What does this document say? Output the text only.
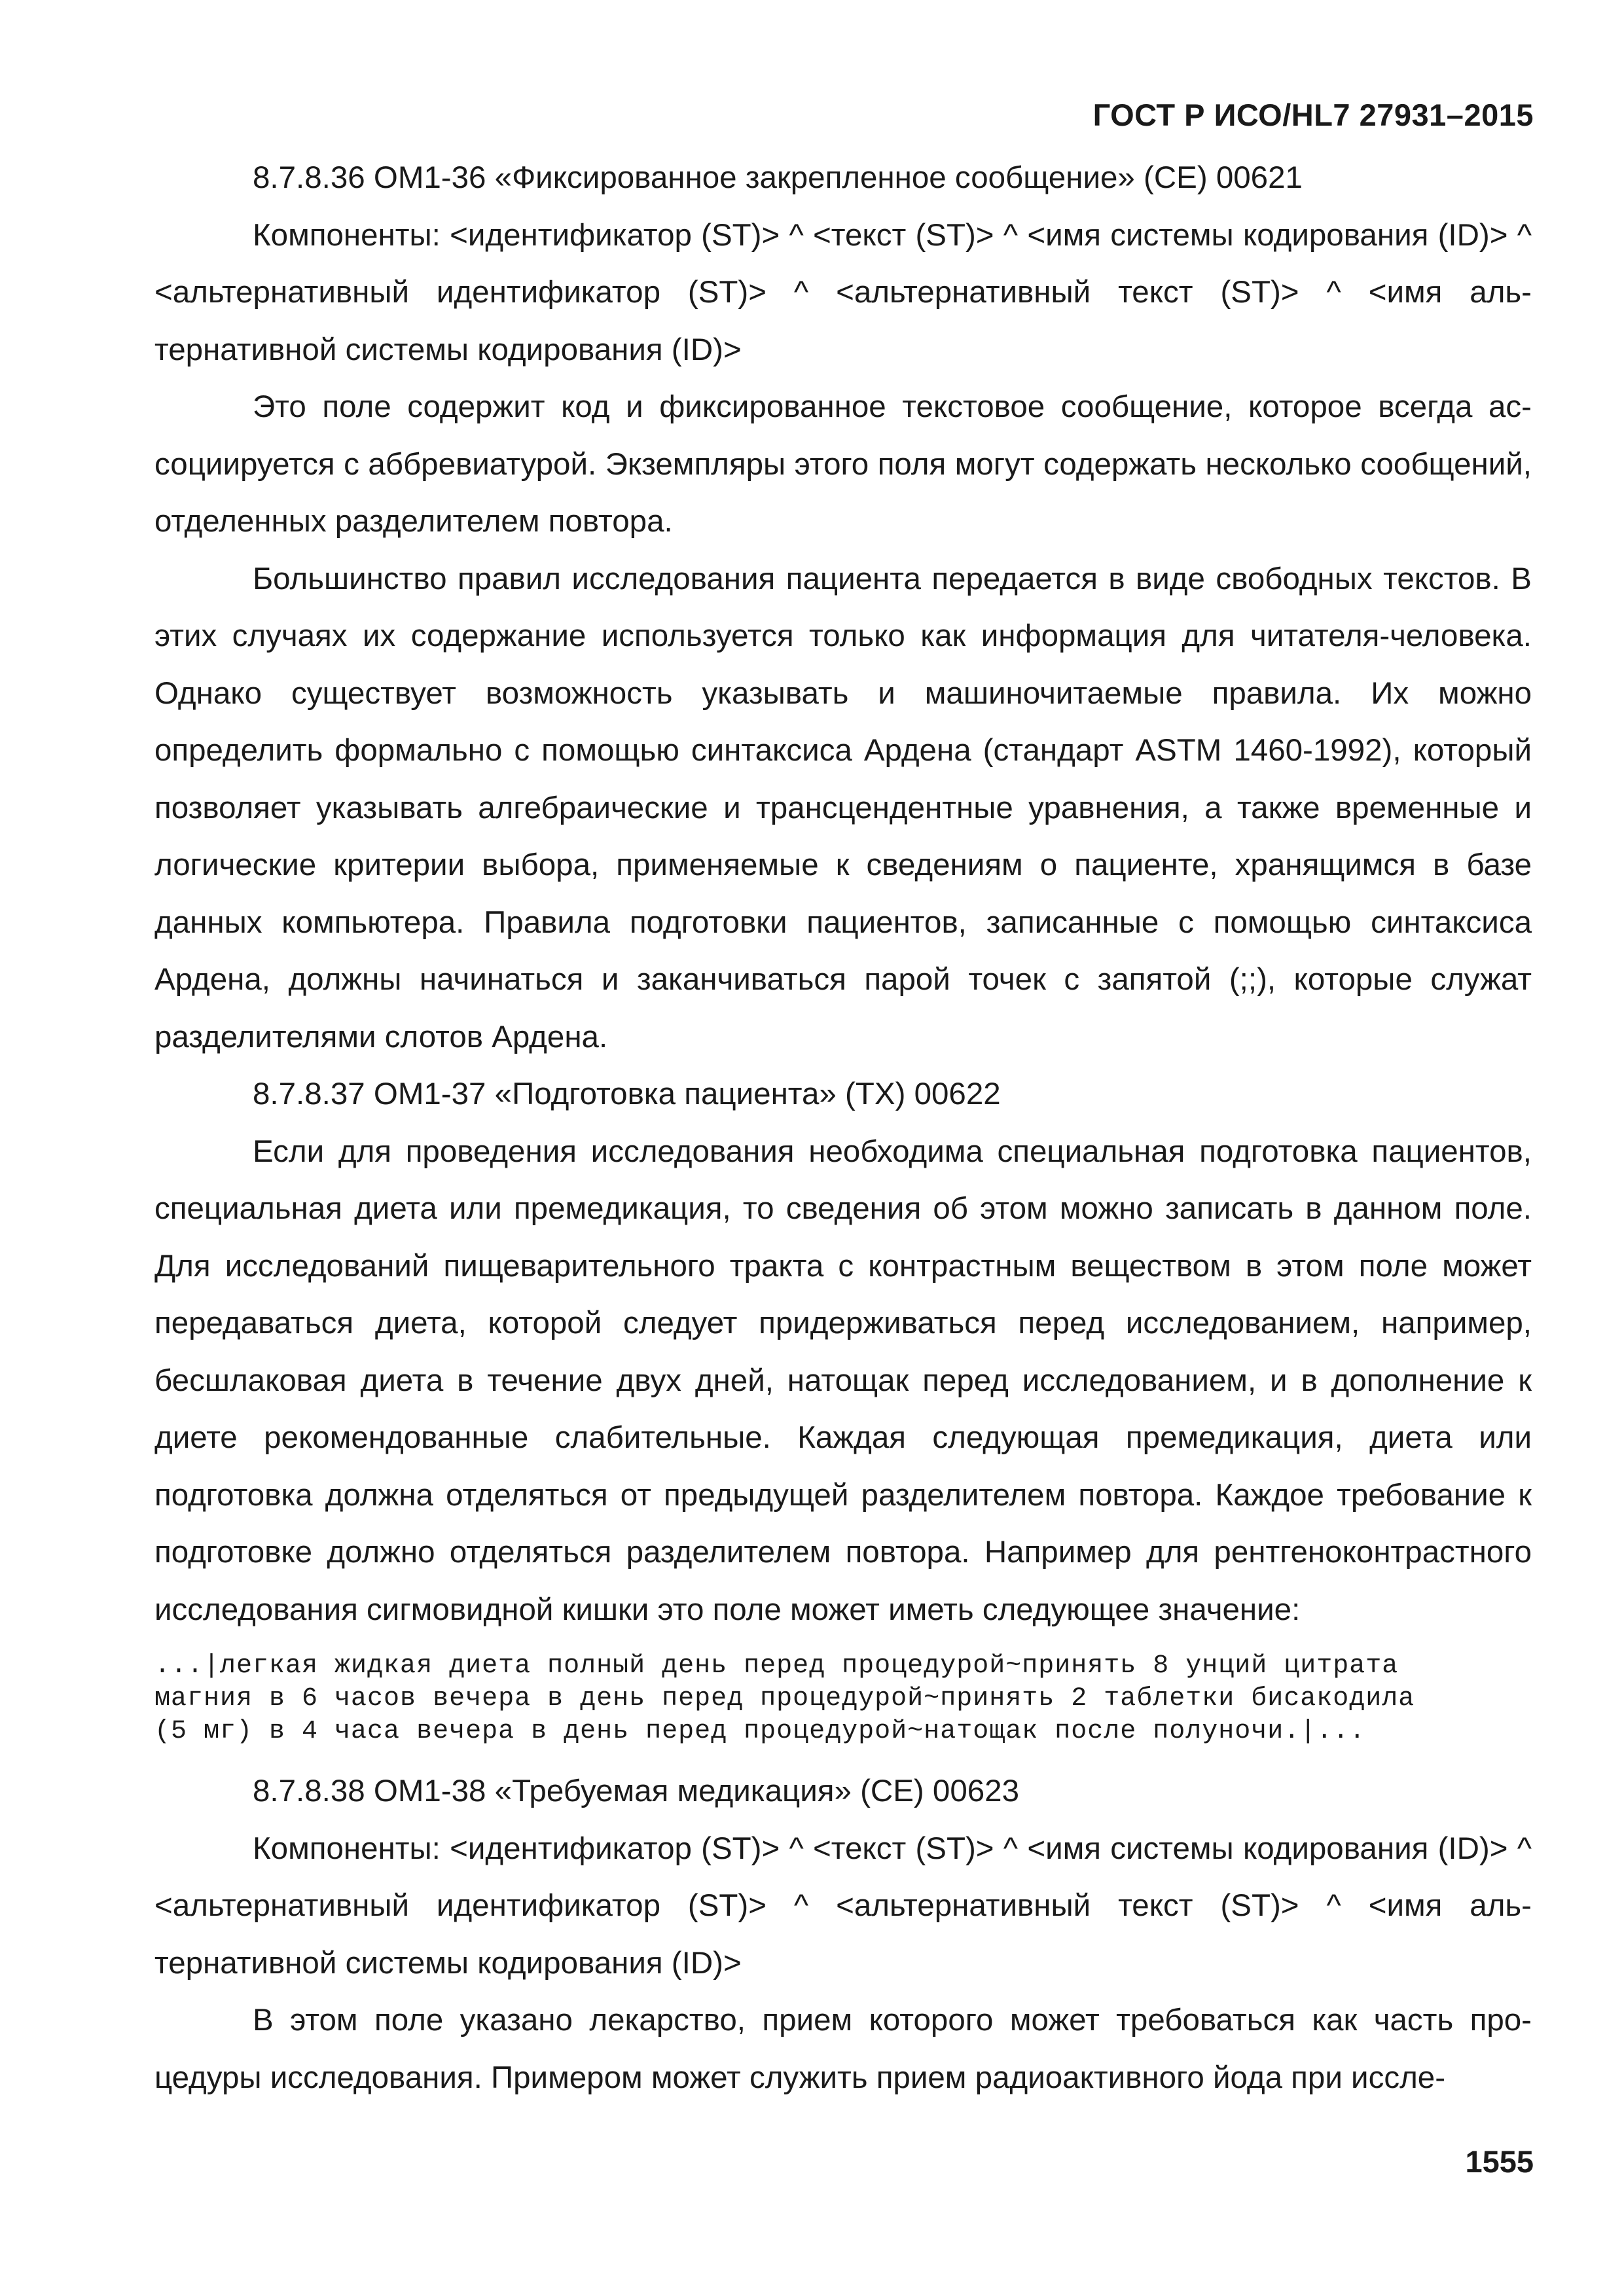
ГОСТ Р ИСО/HL7 27931–2015

8.7.8.36 ОМ1-36 «Фиксированное закрепленное сообщение» (СЕ) 00621

Компоненты: <идентификатор (ST)> ^ <текст (ST)> ^ <имя системы кодирования (ID)> ^ <альтернативный идентификатор (ST)> ^ <альтернативный текст (ST)> ^ <имя альтернативной системы кодирования (ID)>

Это поле содержит код и фиксированное текстовое сообщение, которое всегда ассоциируется с аббревиатурой. Экземпляры этого поля могут содержать несколько сообщений, отделенных разделителем повтора.

Большинство правил исследования пациента передается в виде свободных текстов. В этих случаях их содержание используется только как информация для читателя-человека. Однако существует возможность указывать и машиночитаемые правила. Их можно определить формально с помощью синтаксиса Ардена (стандарт ASTM 1460-1992), который позволяет указывать алгебраические и трансцендентные уравнения, а также временные и логические критерии выбора, применяемые к сведениям о пациенте, хранящимся в базе данных компьютера. Правила подготовки пациентов, записанные с помощью синтаксиса Ардена, должны начинаться и заканчиваться парой точек с запятой (;;), которые служат разделителями слотов Ардена.

8.7.8.37 ОМ1-37 «Подготовка пациента» (ТХ) 00622

Если для проведения исследования необходима специальная подготовка пациентов, специальная диета или премедикация, то сведения об этом можно записать в данном поле. Для исследований пищеварительного тракта с контрастным веществом в этом поле может передаваться диета, которой следует придерживаться перед исследованием, например, бесшлаковая диета в течение двух дней, натощак перед исследованием, и в дополнение к диете рекомендованные слабительные. Каждая следующая премедикация, диета или подготовка должна отделяться от предыдущей разделителем повтора. Каждое требование к подготовке должно отделяться разделителем повтора. Например для рентгеноконтрастного исследования сигмовидной кишки это поле может иметь следующее значение:

...|легкая жидкая диета полный день перед процедурой~принять 8 унций цитрата
магния в 6 часов вечера в день перед процедурой~принять 2 таблетки бисакодила
(5 мг) в 4 часа вечера в день перед процедурой~натощак после полуночи.|...

8.7.8.38 ОМ1-38 «Требуемая медикация» (СЕ) 00623

Компоненты: <идентификатор (ST)> ^ <текст (ST)> ^ <имя системы кодирования (ID)> ^ <альтернативный идентификатор (ST)> ^ <альтернативный текст (ST)> ^ <имя альтернативной системы кодирования (ID)>

В этом поле указано лекарство, прием которого может требоваться как часть процедуры исследования. Примером может служить прием радиоактивного йода при иссле-

1555
